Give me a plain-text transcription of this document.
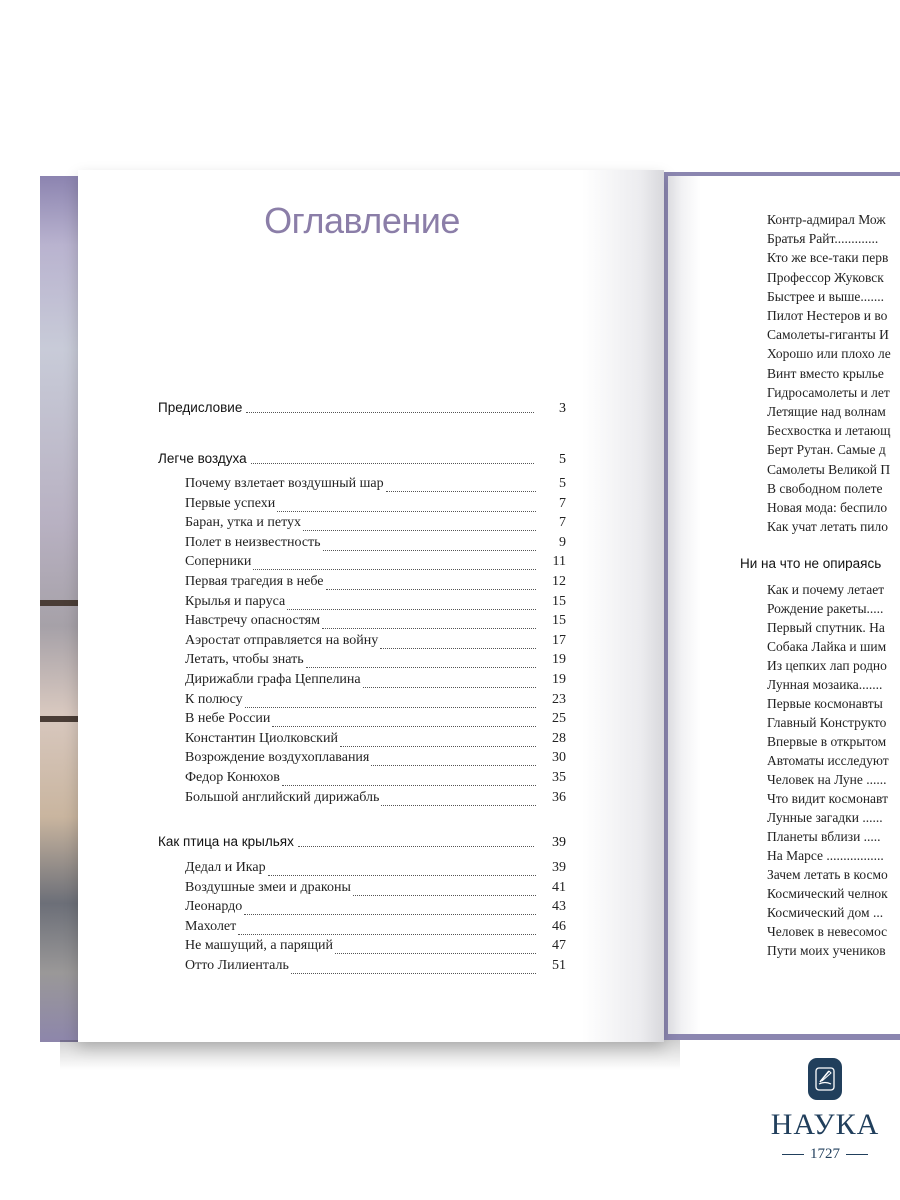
Оглавление
Предисловие	3
Легче воздуха	5
Почему взлетает воздушный шар	5
Первые успехи	7
Баран, утка и петух	7
Полет в неизвестность	9
Соперники	11
Первая трагедия в небе	12
Крылья и паруса	15
Навстречу опасностям	15
Аэростат отправляется на войну	17
Летать, чтобы знать	19
Дирижабли графа Цеппелина	19
К полюсу	23
В небе России	25
Константин Циолковский	28
Возрождение воздухоплавания	30
Федор Конюхов	35
Большой английский дирижабль	36
Как птица на крыльях	39
Дедал и Икар	39
Воздушные змеи и драконы	41
Леонардо	43
Махолет	46
Не машущий, а парящий	47
Отто Лилиенталь	51
Контр-адмирал Мож
Братья Райт.............
Кто же все-таки перв
Профессор Жуковск
Быстрее и выше.......
Пилот Нестеров и во
Самолеты-гиганты И
Хорошо или плохо ле
Винт вместо крылье
Гидросамолеты и лет
Летящие над волнам
Бесхвостка и летающ
Берт Рутан. Самые д
Самолеты Великой П
В свободном полете
Новая мода: беспило
Как учат летать пило
Ни на что не опираясь
Как и почему летает
Рождение ракеты.....
Первый спутник. На
Собака Лайка и шим
Из цепких лап родно
Лунная мозаика.......
Первые космонавты
Главный Конструкто
Впервые в открытом
Автоматы исследуют
Человек на Луне ......
Что видит космонавт
Лунные загадки ......
Планеты вблизи .....
На Марсе .................
Зачем летать в космо
Космический челнок
Космический дом ...
Человек в невесомос
Пути моих учеников
НАУКА
1727
